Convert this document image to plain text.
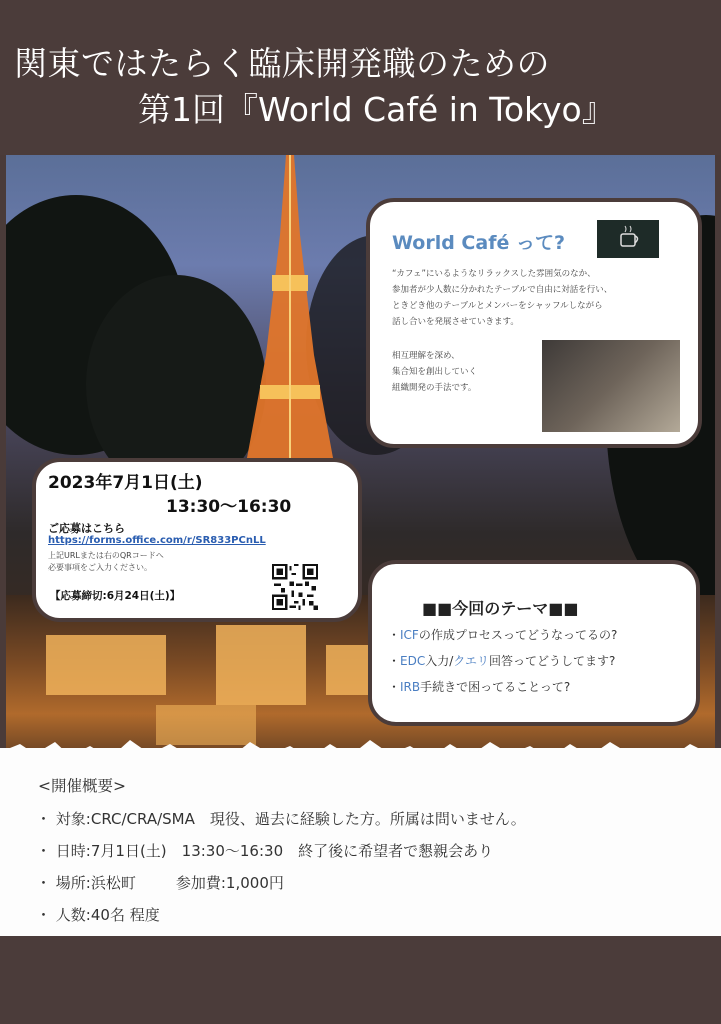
関東ではたらく臨床開発職のための
第1回『World Café in Tokyo』
World Café って?
“カフェ”にいるようなリラックスした雰囲気のなか、
参加者が少人数に分かれたテーブルで自由に対話を行い、
ときどき他のテーブルとメンバーをシャッフルしながら
話し合いを発展させていきます。
相互理解を深め、
集合知を創出していく
組織開発の手法です。
2023年7月1日(土)
13:30〜16:30
ご応募はこちら
https://forms.office.com/r/SR833PCnLL
上記URLまたは右のQRコードへ
必要事項をご入力ください。
【応募締切:6月24日(土)】
■■今回のテーマ■■
・ICFの作成プロセスってどうなってるの?
・EDC入力/クエリ回答ってどうしてます?
・IRB手続きで困ってることって?
<開催概要>
・ 対象:CRC/CRA/SMA　現役、過去に経験した方。所属は問いません。
・ 日時:7月1日(土)　13:30〜16:30　終了後に希望者で懇親会あり
・ 場所:浜松町	参加費:1,000円
・ 人数:40名 程度
